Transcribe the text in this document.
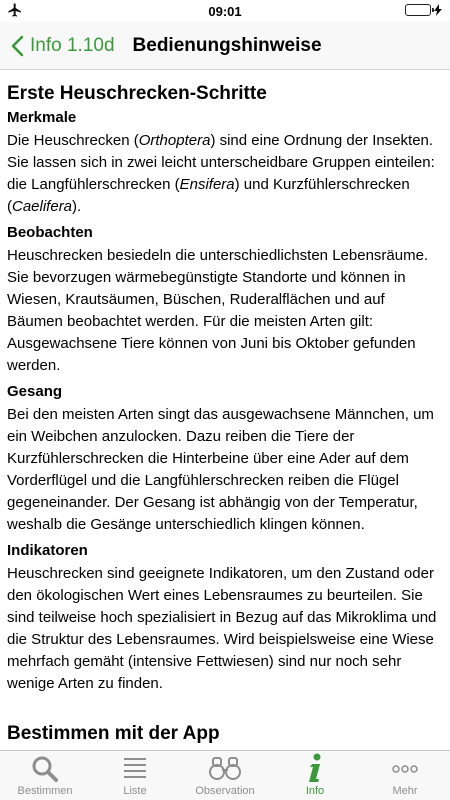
09:01
Info 1.10d Bedienungshinweise
Erste Heuschrecken-Schritte
Merkmale

Die Heuschrecken (Orthoptera) sind eine Ordnung der Insekten. Sie lassen sich in zwei leicht unterscheidbare Gruppen einteilen: die Langfühlerschrecken (Ensifera) und Kurzfühlerschrecken (Caelifera).

Beobachten

Heuschrecken besiedeln die unterschiedlichsten Lebensräume. Sie bevorzugen wärmebegünstigte Standorte und können in Wiesen, Krautsäumen, Büschen, Ruderalflächen und auf Bäumen beobachtet werden. Für die meisten Arten gilt: Ausgewachsene Tiere können von Juni bis Oktober gefunden werden.

Gesang

Bei den meisten Arten singt das ausgewachsene Männchen, um ein Weibchen anzulocken. Dazu reiben die Tiere der Kurzfühlerschrecken die Hinterbeine über eine Ader auf dem Vorderflügel und die Langfühlerschrecken reiben die Flügel gegeneinander. Der Gesang ist abhängig von der Temperatur, weshalb die Gesänge unterschiedlich klingen können.

Indikatoren

Heuschrecken sind geeignete Indikatoren, um den Zustand oder den ökologischen Wert eines Lebensraumes zu beurteilen. Sie sind teilweise hoch spezialisiert in Bezug auf das Mikroklima und die Struktur des Lebensraumes. Wird beispielsweise eine Wiese mehrfach gemäht (intensive Fettwiesen) sind nur noch sehr wenige Arten zu finden.

Bestimmen mit der App

Bestimmen	Liste	Observation	Info	Mehr
